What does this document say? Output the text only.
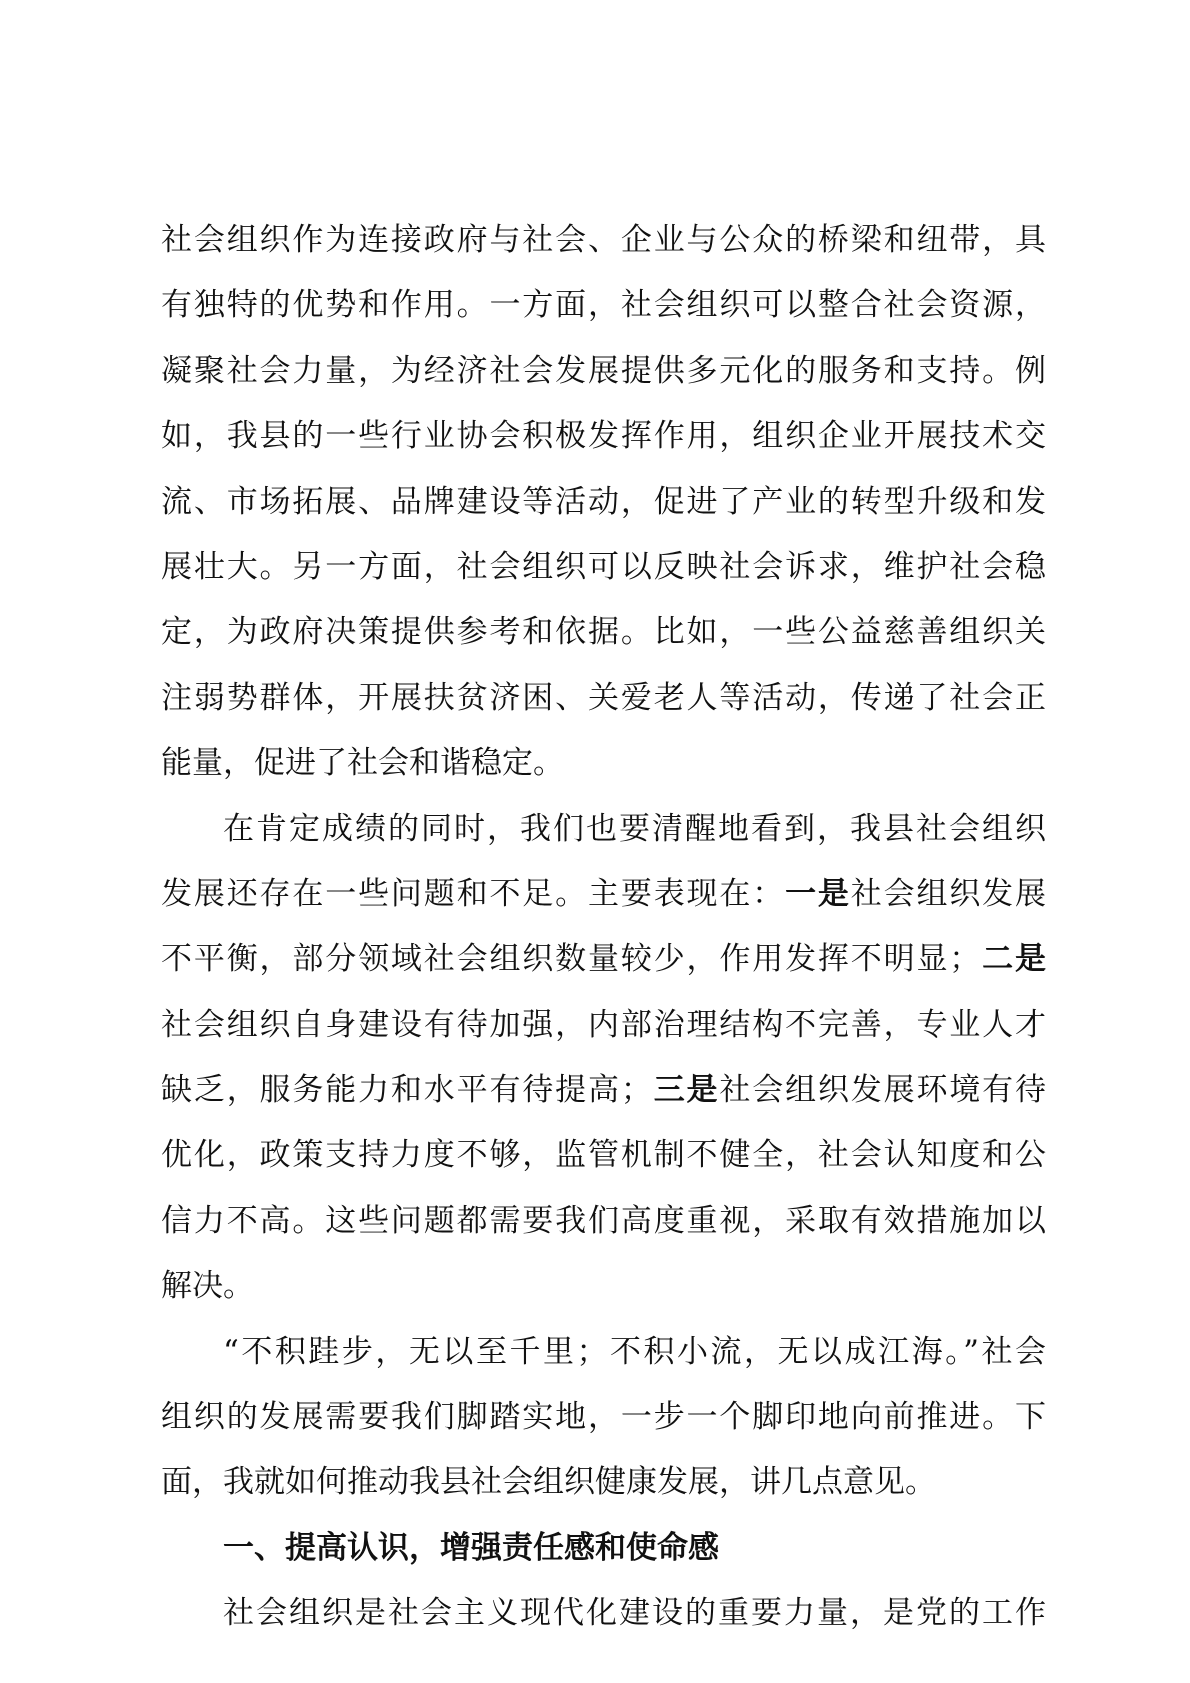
社会组织作为连接政府与社会、企业与公众的桥梁和纽带，具
有独特的优势和作用。一方面，社会组织可以整合社会资源，
凝聚社会力量，为经济社会发展提供多元化的服务和支持。例
如，我县的一些行业协会积极发挥作用，组织企业开展技术交
流、市场拓展、品牌建设等活动，促进了产业的转型升级和发
展壮大。另一方面，社会组织可以反映社会诉求，维护社会稳
定，为政府决策提供参考和依据。比如，一些公益慈善组织关
注弱势群体，开展扶贫济困、关爱老人等活动，传递了社会正
能量，促进了社会和谐稳定。
在肯定成绩的同时，我们也要清醒地看到，我县社会组织
发展还存在一些问题和不足。主要表现在：一是社会组织发展
不平衡，部分领域社会组织数量较少，作用发挥不明显；二是
社会组织自身建设有待加强，内部治理结构不完善，专业人才
缺乏，服务能力和水平有待提高；三是社会组织发展环境有待
优化，政策支持力度不够，监管机制不健全，社会认知度和公
信力不高。这些问题都需要我们高度重视，采取有效措施加以
解决。
“不积跬步，无以至千里；不积小流，无以成江海。”社会
组织的发展需要我们脚踏实地，一步一个脚印地向前推进。下
面，我就如何推动我县社会组织健康发展，讲几点意见。
一、提高认识，增强责任感和使命感
社会组织是社会主义现代化建设的重要力量，是党的工作
